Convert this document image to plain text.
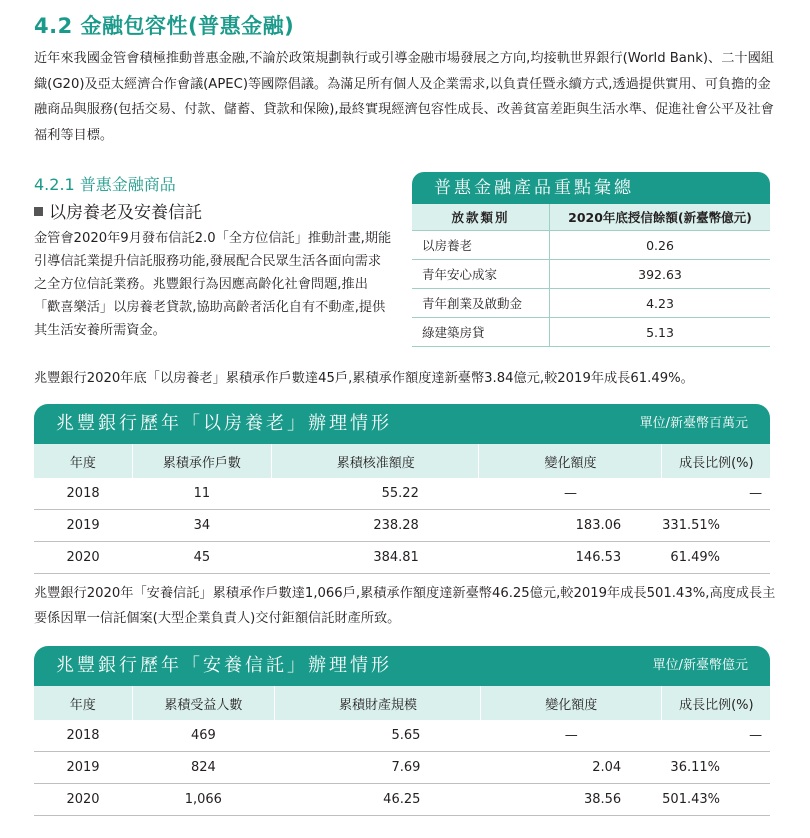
4.2 金融包容性(普惠金融)
近年來我國金管會積極推動普惠金融,不論於政策規劃執行或引導金融市場發展之方向,均接軌世界銀行(World Bank)、二十國組織(G20)及亞太經濟合作會議(APEC)等國際倡議。為滿足所有個人及企業需求,以負責任暨永續方式,透過提供實用、可負擔的金融商品與服務(包括交易、付款、儲蓄、貸款和保險),最終實現經濟包容性成長、改善貧富差距與生活水準、促進社會公平及社會福利等目標。
4.2.1 普惠金融商品
以房養老及安養信託
金管會2020年9月發布信託2.0「全方位信託」推動計畫,期能引導信託業提升信託服務功能,發展配合民眾生活各面向需求之全方位信託業務。兆豐銀行為因應高齡化社會問題,推出「歡喜樂活」以房養老貸款,協助高齡者活化自有不動產,提供其生活安養所需資金。
普惠金融產品重點彙總
放款類別	2020年底授信餘額(新臺幣億元)
以房養老	0.26
青年安心成家	392.63
青年創業及啟動金	4.23
綠建築房貸	5.13
兆豐銀行2020年底「以房養老」累積承作戶數達45戶,累積承作額度達新臺幣3.84億元,較2019年成長61.49%。
兆豐銀行歷年「以房養老」辦理情形	單位/新臺幣百萬元
年度	累積承作戶數	累積核准額度	變化額度	成長比例(%)
2018	11	55.22	—	—
2019	34	238.28	183.06	331.51%
2020	45	384.81	146.53	61.49%
兆豐銀行2020年「安養信託」累積承作戶數達1,066戶,累積承作額度達新臺幣46.25億元,較2019年成長501.43%,高度成長主要係因單一信託個案(大型企業負責人)交付鉅額信託財產所致。
兆豐銀行歷年「安養信託」辦理情形	單位/新臺幣億元
年度	累積受益人數	累積財產規模	變化額度	成長比例(%)
2018	469	5.65	—	—
2019	824	7.69	2.04	36.11%
2020	1,066	46.25	38.56	501.43%
